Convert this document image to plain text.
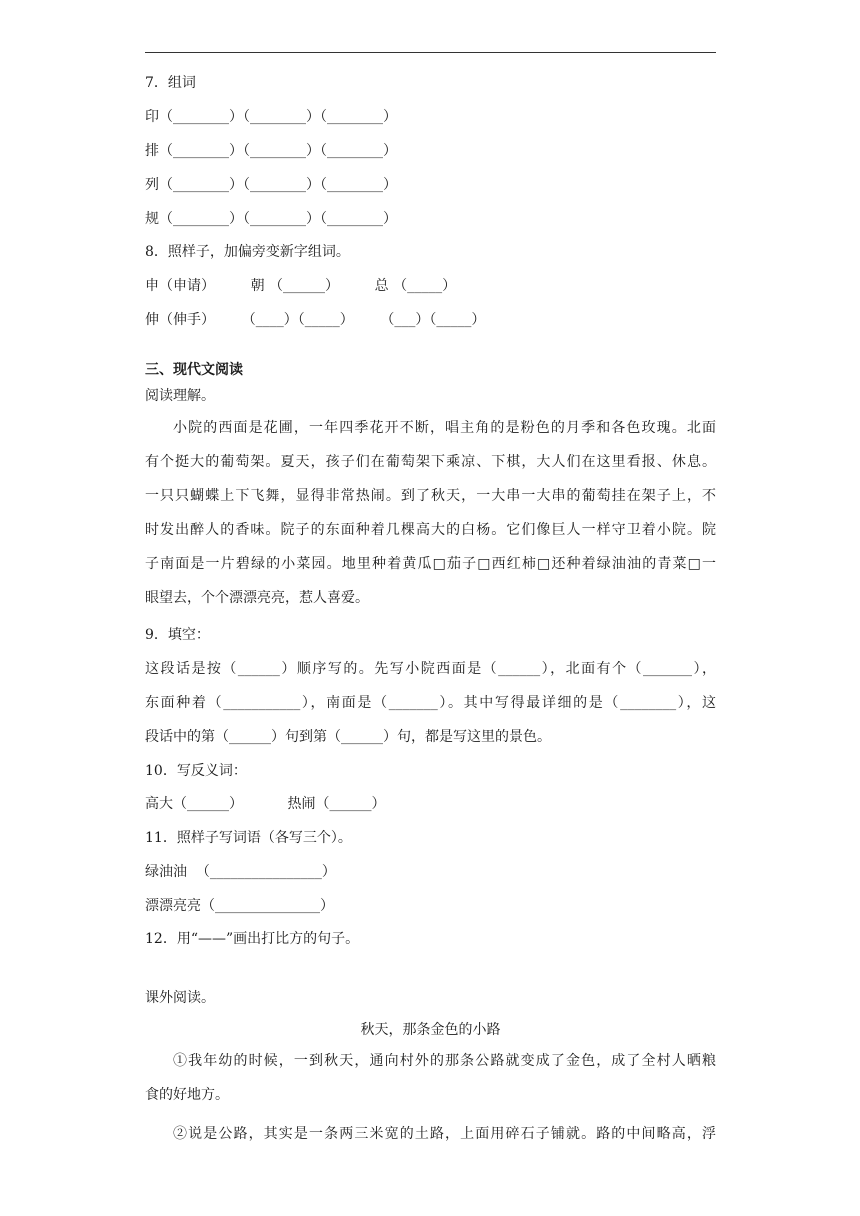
7．组词
印（________）（________）（________）
排（________）（________）（________）
列（________）（________）（________）
规（________）（________）（________）
8．照样子，加偏旁变新字组词。
申（申请）        朝 （______）        总 （_____）
伸（伸手）      （____）（_____）      （___）（_____）
三、现代文阅读
阅读理解。
小院的西面是花圃，一年四季花开不断，唱主角的是粉色的月季和各色玫瑰。北面
有个挺大的葡萄架。夏天，孩子们在葡萄架下乘凉、下棋，大人们在这里看报、休息。
一只只蝴蝶上下飞舞，显得非常热闹。到了秋天，一大串一大串的葡萄挂在架子上，不
时发出醉人的香味。院子的东面种着几棵高大的白杨。它们像巨人一样守卫着小院。院
子南面是一片碧绿的小菜园。地里种着黄瓜□茄子□西红柿□还种着绿油油的青菜□一
眼望去，个个漂漂亮亮，惹人喜爱。
9．填空：
这段话是按（______）顺序写的。先写小院西面是（______），北面有个（_______），
东面种着（___________），南面是（_______）。其中写得最详细的是（________），这
段话中的第（______）句到第（______）句，都是写这里的景色。
10．写反义词：
高大（______）          热闹（______）
11．照样子写词语（各写三个）。
绿油油  （________________）
漂漂亮亮（_______________）
12．用“——”画出打比方的句子。
课外阅读。
秋天，那条金色的小路
①我年幼的时候，一到秋天，通向村外的那条公路就变成了金色，成了全村人晒粮
食的好地方。
②说是公路，其实是一条两三米宽的土路，上面用碎石子铺就。路的中间略高，浮
